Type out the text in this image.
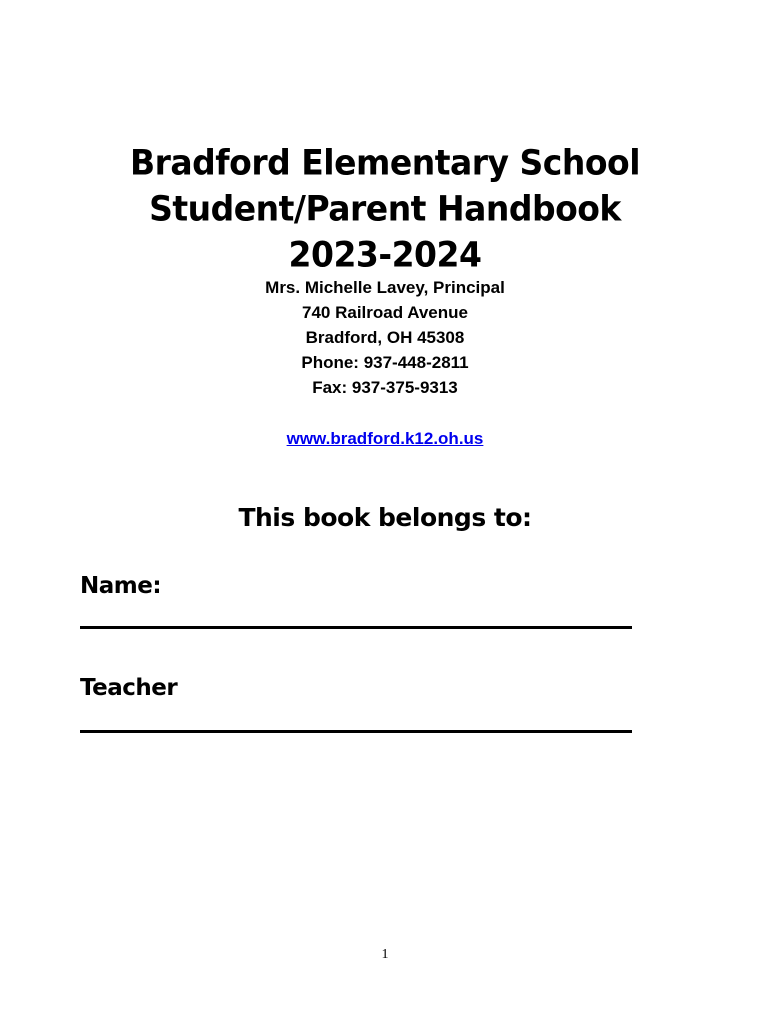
Bradford Elementary School
Student/Parent Handbook
2023-2024
Mrs. Michelle Lavey, Principal
740 Railroad Avenue
Bradford, OH 45308
Phone: 937-448-2811
Fax: 937-375-9313
www.bradford.k12.oh.us
This book belongs to:
Name:
Teacher
1
